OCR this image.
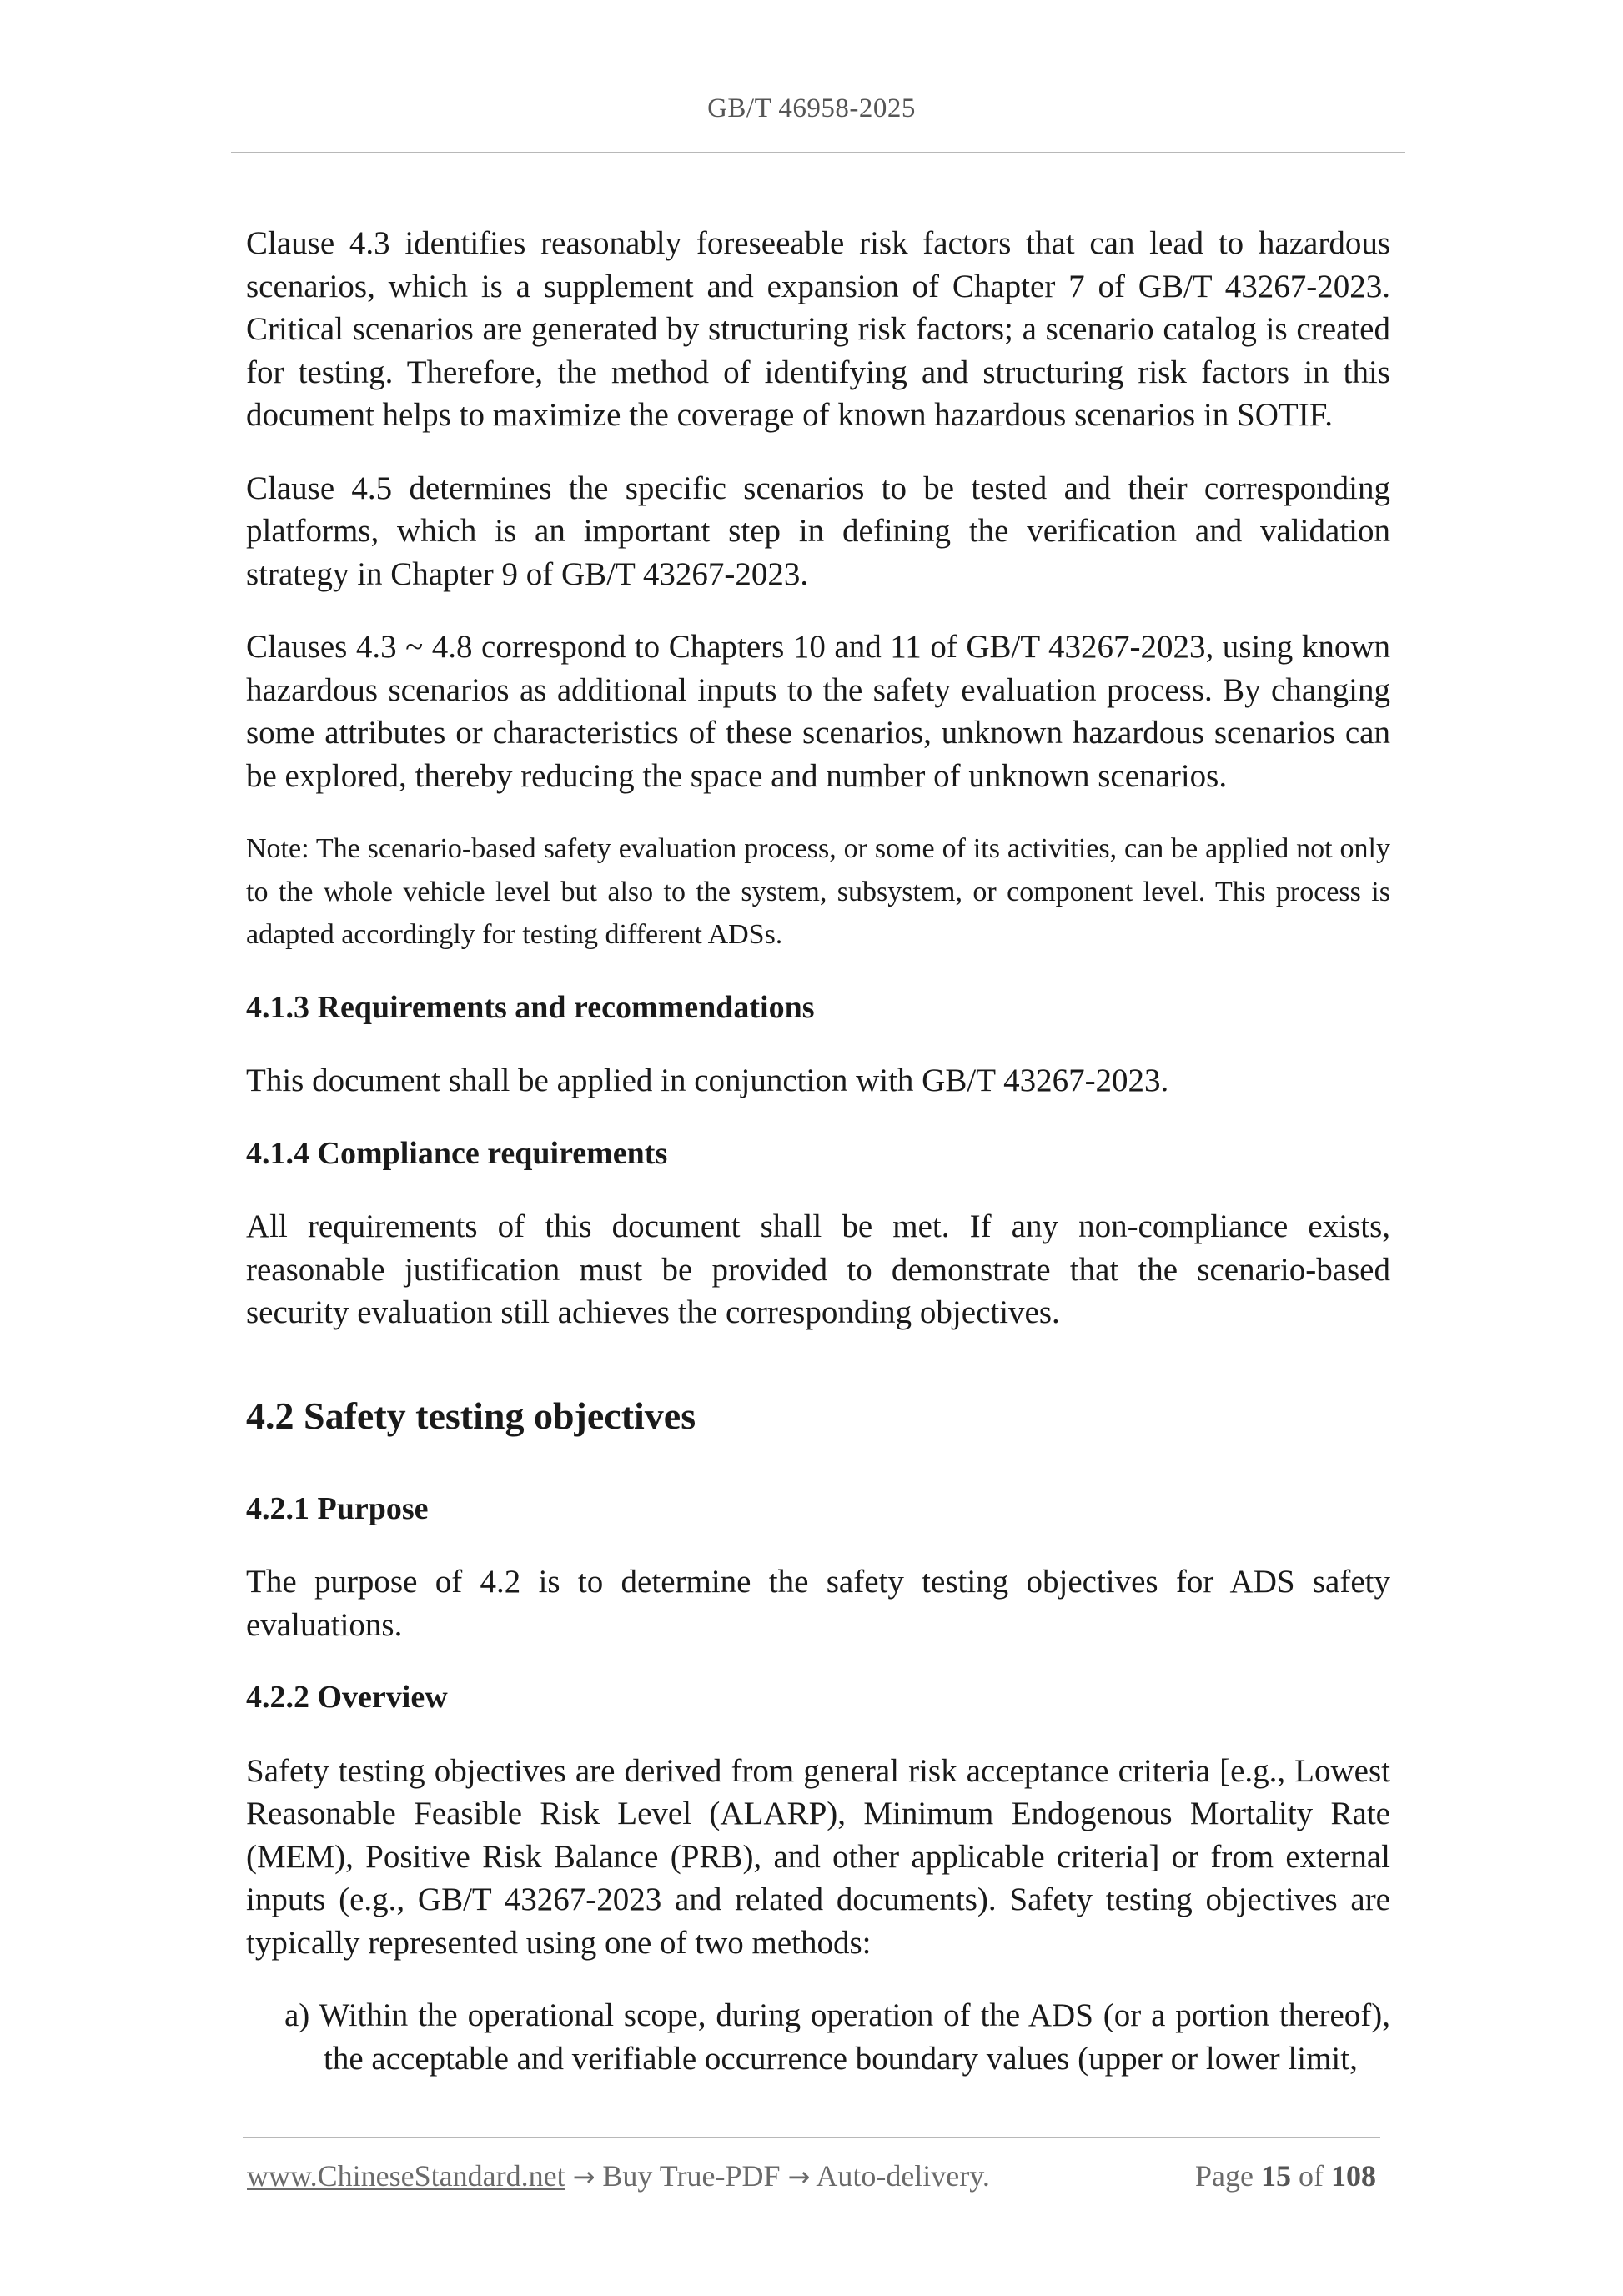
GB/T 46958-2025

Clause 4.3 identifies reasonably foreseeable risk factors that can lead to hazardous scenarios, which is a supplement and expansion of Chapter 7 of GB/T 43267-2023. Critical scenarios are generated by structuring risk factors; a scenario catalog is created for testing. Therefore, the method of identifying and structuring risk factors in this document helps to maximize the coverage of known hazardous scenarios in SOTIF.

Clause 4.5 determines the specific scenarios to be tested and their corresponding platforms, which is an important step in defining the verification and validation strategy in Chapter 9 of GB/T 43267-2023.

Clauses 4.3 ~ 4.8 correspond to Chapters 10 and 11 of GB/T 43267-2023, using known hazardous scenarios as additional inputs to the safety evaluation process. By changing some attributes or characteristics of these scenarios, unknown hazardous scenarios can be explored, thereby reducing the space and number of unknown scenarios.

Note: The scenario-based safety evaluation process, or some of its activities, can be applied not only to the whole vehicle level but also to the system, subsystem, or component level. This process is adapted accordingly for testing different ADSs.

4.1.3 Requirements and recommendations

This document shall be applied in conjunction with GB/T 43267-2023.

4.1.4 Compliance requirements

All requirements of this document shall be met. If any non-compliance exists, reasonable justification must be provided to demonstrate that the scenario-based security evaluation still achieves the corresponding objectives.

4.2 Safety testing objectives
4.2.1 Purpose

The purpose of 4.2 is to determine the safety testing objectives for ADS safety evaluations.

4.2.2 Overview

Safety testing objectives are derived from general risk acceptance criteria [e.g., Lowest Reasonable Feasible Risk Level (ALARP), Minimum Endogenous Mortality Rate (MEM), Positive Risk Balance (PRB), and other applicable criteria] or from external inputs (e.g., GB/T 43267-2023 and related documents). Safety testing objectives are typically represented using one of two methods:

a) Within the operational scope, during operation of the ADS (or a portion thereof), the acceptable and verifiable occurrence boundary values (upper or lower limit,

www.ChineseStandard.net → Buy True-PDF → Auto-delivery.	Page 15 of 108
